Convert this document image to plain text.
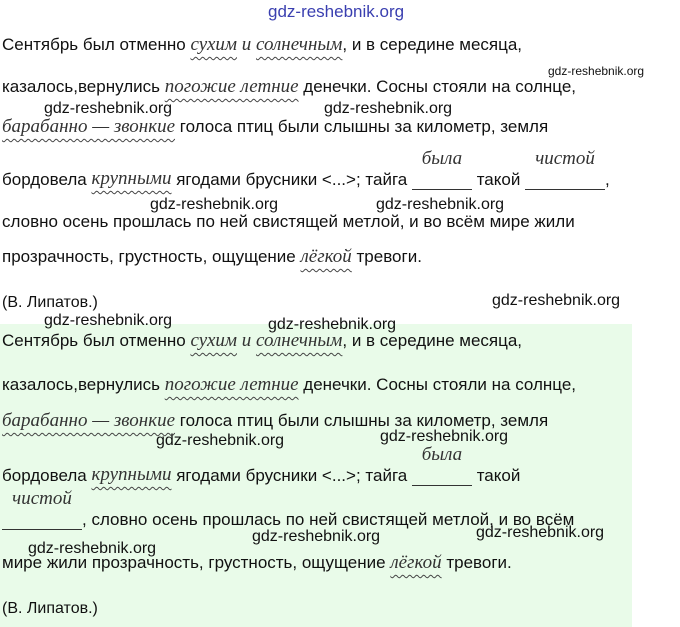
gdz-reshebnik.org
gdz-reshebnik.org
gdz-reshebnik.org	gdz-reshebnik.org
gdz-reshebnik.org	gdz-reshebnik.org
gdz-reshebnik.org
gdz-reshebnik.org	gdz-reshebnik.org
gdz-reshebnik.org	gdz-reshebnik.org
gdz-reshebnik.org
gdz-reshebnik.org	gdz-reshebnik.org
Сентябрь был отменно сухим и солнечным, и в середине месяца,
казалось,вернулись погожие летние денечки. Сосны стояли на солнце,
барабанно — звонкие голоса птиц были слышны за километр, земля
бордовела крупными ягодами брусники <...>; тайга
была
такой
чистой
,
словно осень прошлась по ней свистящей метлой, и во всём мире жили
прозрачность, грустность, ощущение лёгкой тревоги.
(В. Липатов.)
Сентябрь был отменно сухим и солнечным, и в середине месяца,
казалось,вернулись погожие летние денечки. Сосны стояли на солнце,
барабанно — звонкие голоса птиц были слышны за километр, земля
бордовела крупными ягодами брусники <...>; тайга
была
такой
чистой
, словно осень прошлась по ней свистящей метлой, и во всём
мире жили прозрачность, грустность, ощущение лёгкой тревоги.
(В. Липатов.)
